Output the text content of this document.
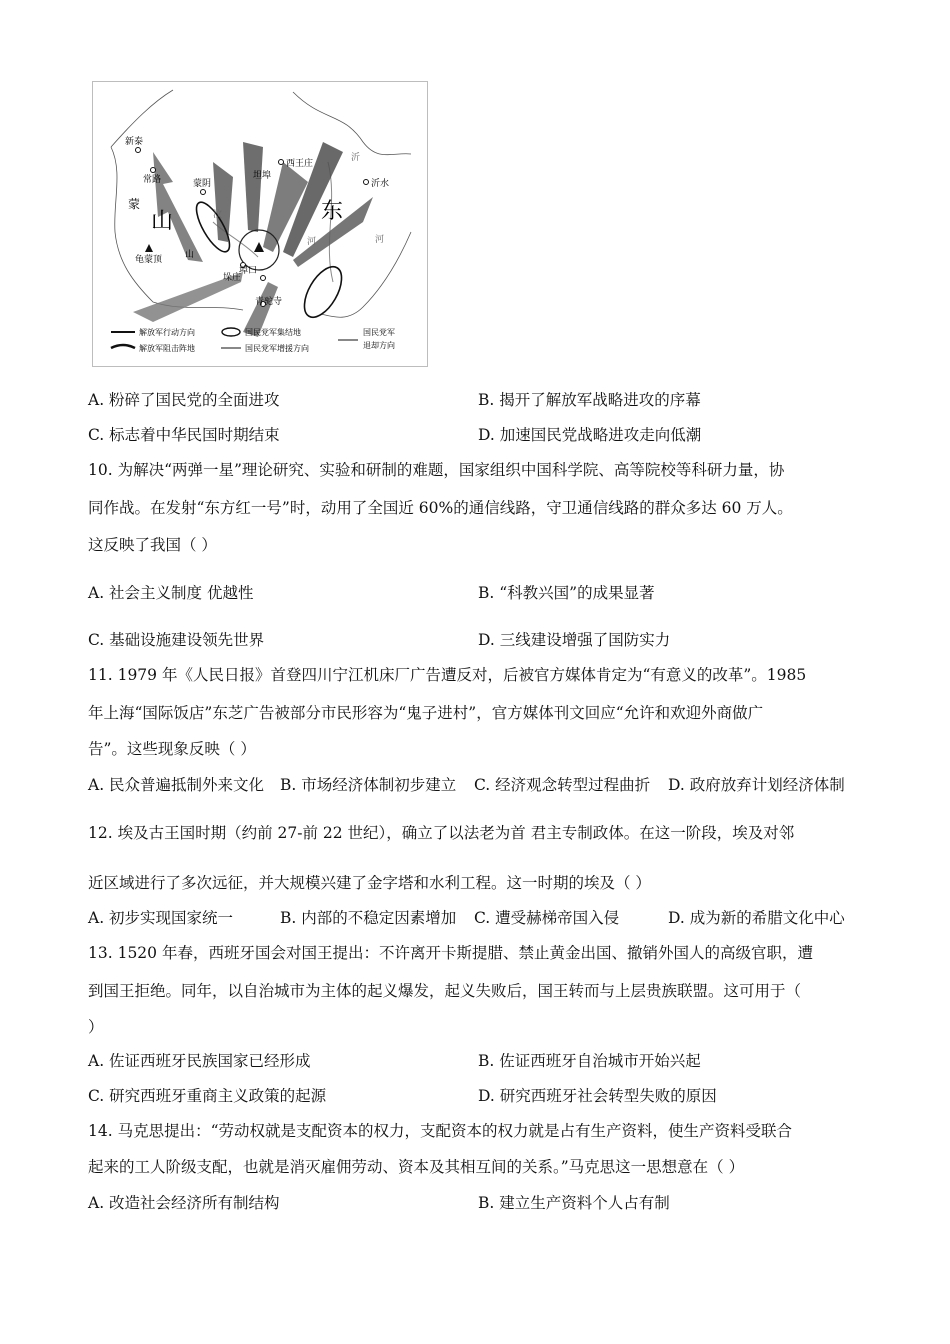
新泰
常路	蒙阴
坦埠
西王庄
沂水
蒙
山	东
汶
山
龟蒙顶
垛庄
埠口
青驼寺
沂
河	河
解放军行动方向
解放军阻击阵地
国民党军集结地
国民党军增援方向
国民党军
退却方向
A. 粉碎了国民党的全面进攻	B. 揭开了解放军战略进攻的序幕
C. 标志着中华民国时期结束	D. 加速国民党战略进攻走向低潮
10. 为解决“两弹一星”理论研究、实验和研制的难题，国家组织中国科学院、高等院校等科研力量，协
同作战。在发射“东方红一号”时，动用了全国近 60%的通信线路，守卫通信线路的群众多达 60 万人。
这反映了我国（ ）
A. 社会主义制度 优越性	B. “科教兴国”的成果显著
C. 基础设施建设领先世界	D. 三线建设增强了国防实力
11. 1979 年《人民日报》首登四川宁江机床厂广告遭反对，后被官方媒体肯定为“有意义的改革”。1985
年上海“国际饭店”东芝广告被部分市民形容为“鬼子进村”，官方媒体刊文回应“允许和欢迎外商做广
告”。这些现象反映（ ）
A. 民众普遍抵制外来文化 B. 市场经济体制初步建立 C. 经济观念转型过程曲折 D. 政府放弃计划经济体制
12. 埃及古王国时期（约前 27-前 22 世纪），确立了以法老为首 君主专制政体。在这一阶段，埃及对邻
近区域进行了多次远征，并大规模兴建了金字塔和水利工程。这一时期的埃及（ ）
A. 初步实现国家统一	B. 内部的不稳定因素增加 C. 遭受赫梯帝国入侵	D. 成为新的希腊文化中心
13. 1520 年春，西班牙国会对国王提出：不许离开卡斯提腊、禁止黄金出国、撤销外国人的高级官职，遭
到国王拒绝。同年，以自治城市为主体的起义爆发，起义失败后，国王转而与上层贵族联盟。这可用于（
）
A. 佐证西班牙民族国家已经形成	B. 佐证西班牙自治城市开始兴起
C. 研究西班牙重商主义政策的起源	D. 研究西班牙社会转型失败的原因
14. 马克思提出：“劳动权就是支配资本的权力，支配资本的权力就是占有生产资料，使生产资料受联合
起来的工人阶级支配，也就是消灭雇佣劳动、资本及其相互间的关系。”马克思这一思想意在（ ）
A. 改造社会经济所有制结构	B. 建立生产资料个人占有制
